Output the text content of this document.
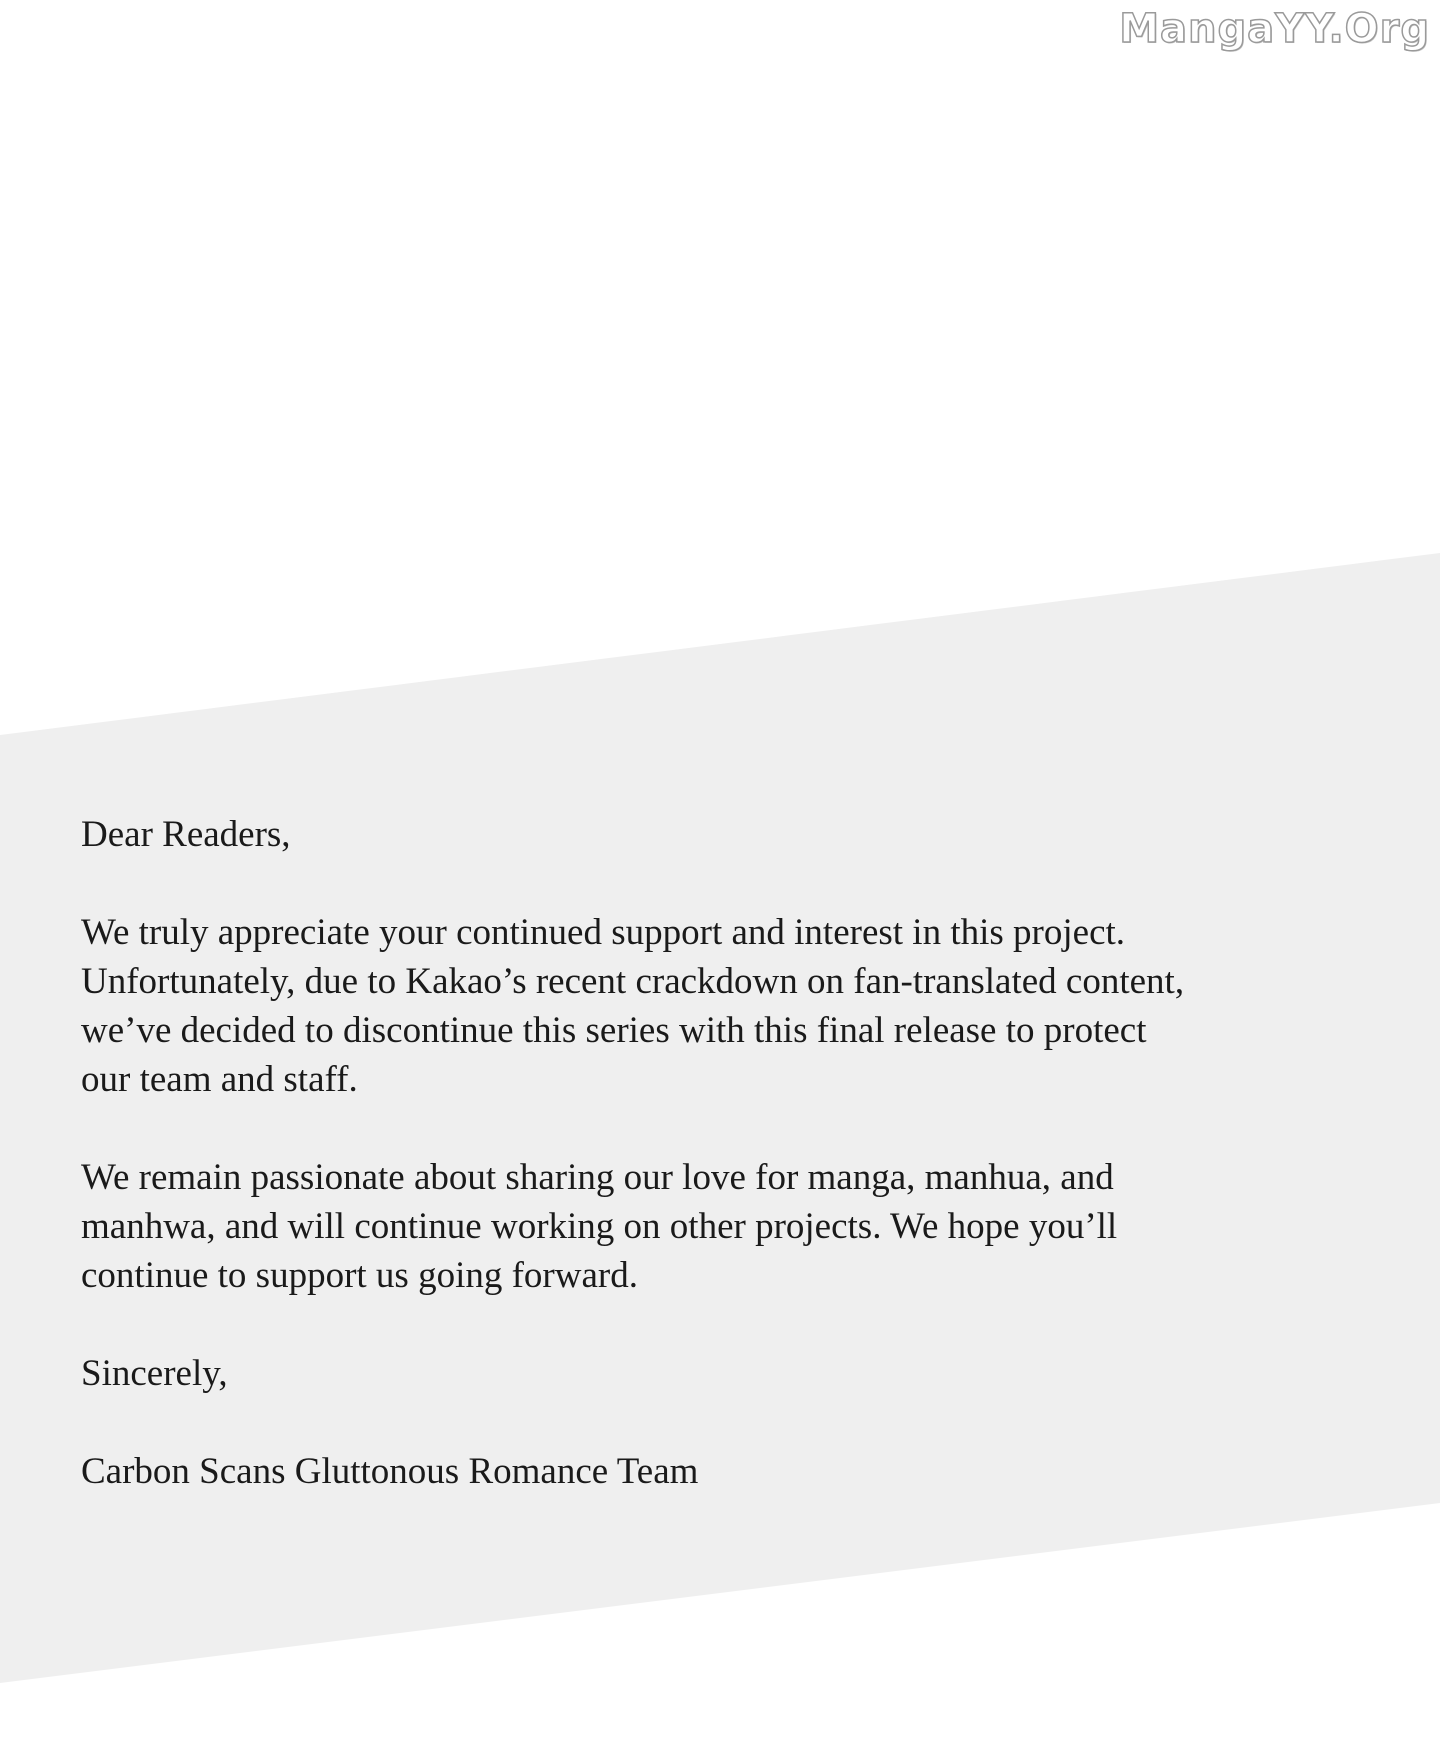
MangaYY.Org

Dear Readers,

We truly appreciate your continued support and interest in this project.
Unfortunately, due to Kakao’s recent crackdown on fan-translated content,
we’ve decided to discontinue this series with this final release to protect
our team and staff.

We remain passionate about sharing our love for manga, manhua, and
manhwa, and will continue working on other projects. We hope you’ll
continue to support us going forward.

Sincerely,

Carbon Scans Gluttonous Romance Team
